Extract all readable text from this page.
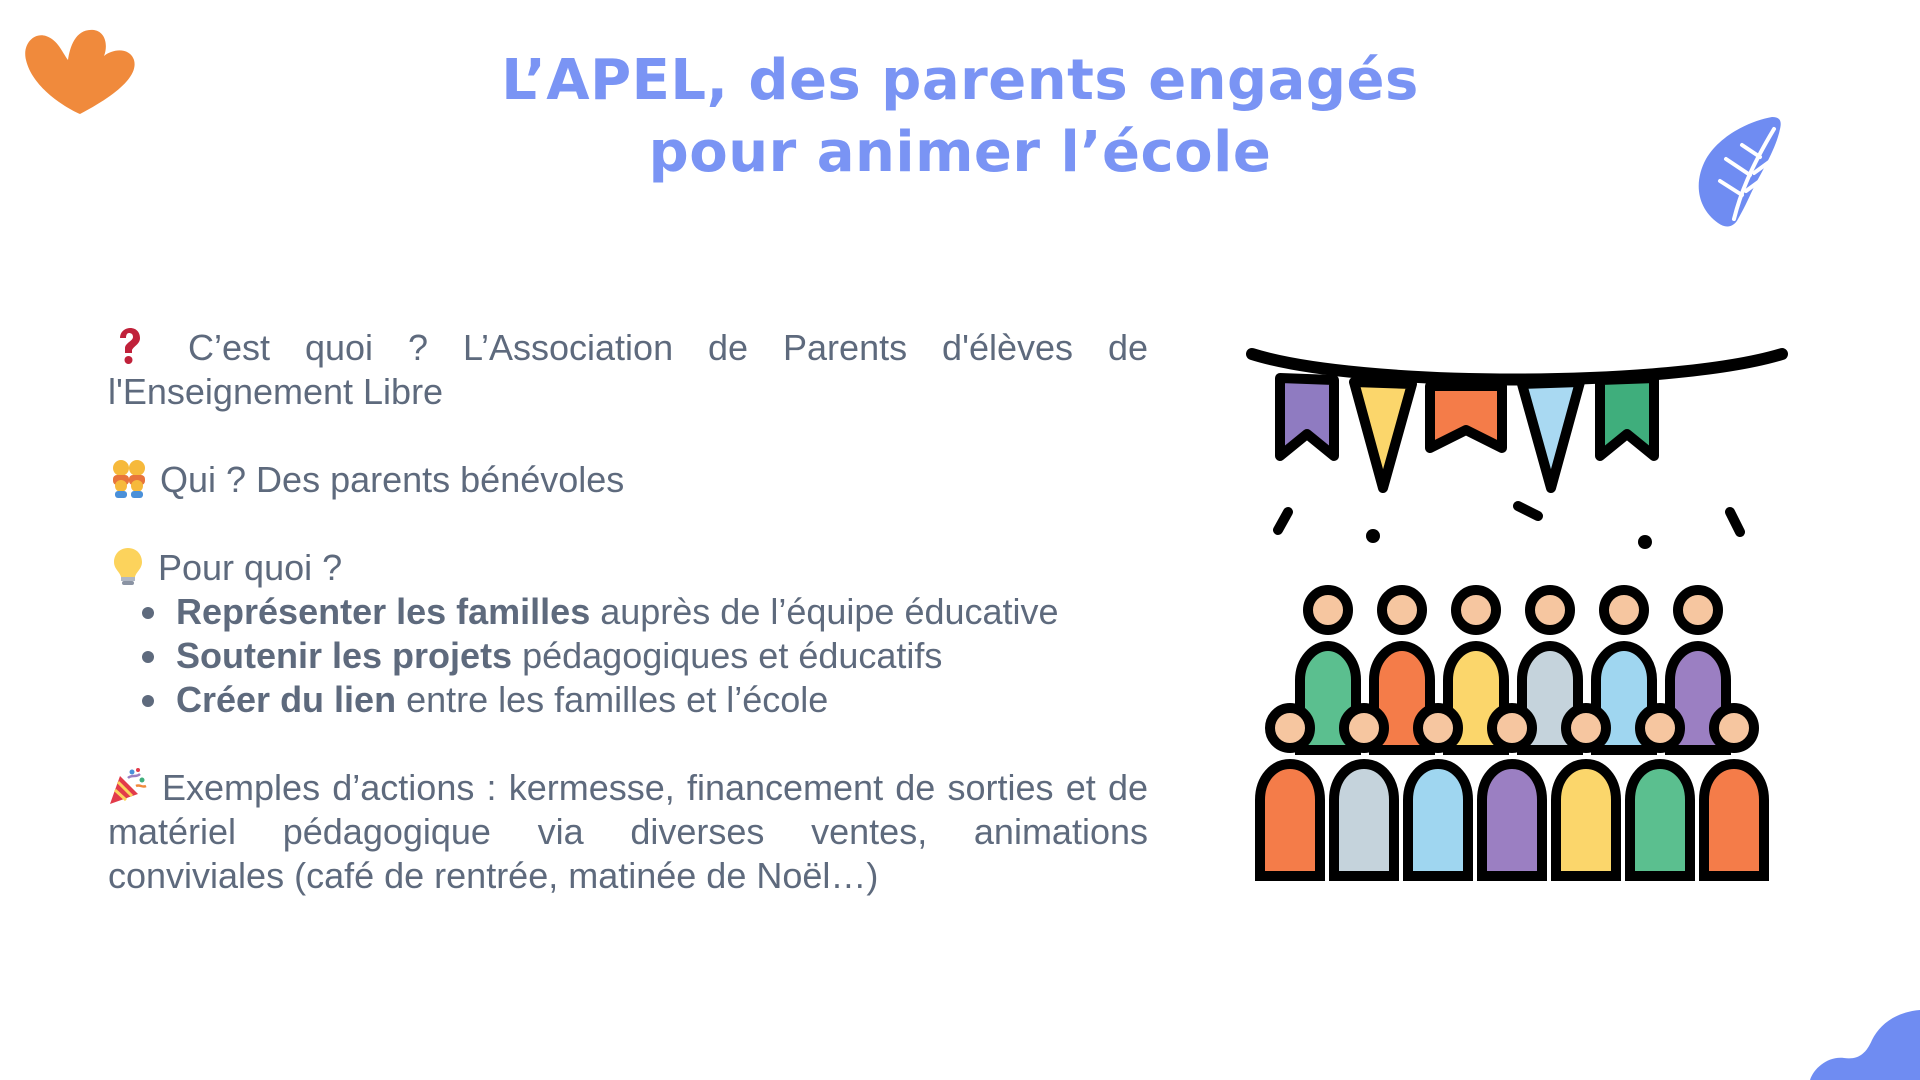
L’APEL, des parents engagés
pour animer l’école

C’est quoi ? L’Association de Parents d'élèves de l'Enseignement Libre

Qui ? Des parents bénévoles

Pour quoi ?

Représenter les familles auprès de l’équipe éducative
Soutenir les projets pédagogiques et éducatifs
Créer du lien entre les familles et l’école

Exemples d’actions : kermesse, financement de sorties et de matériel pédagogique via diverses ventes, animations conviviales (café de rentrée, matinée de Noël…)
